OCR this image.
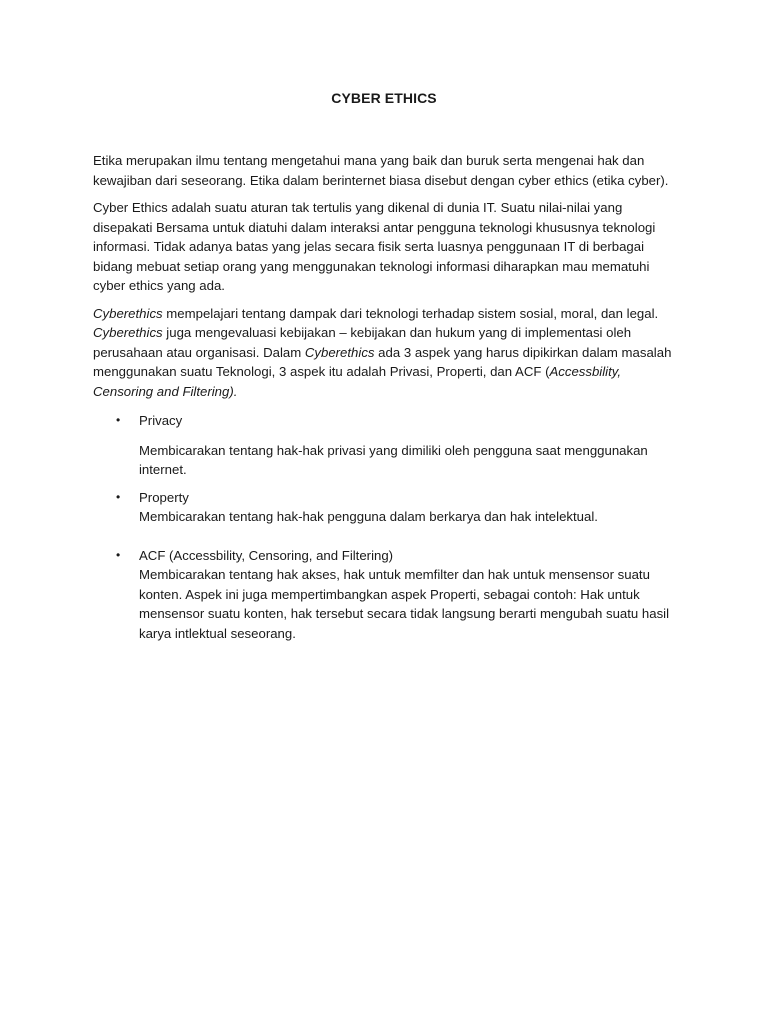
CYBER ETHICS

Etika merupakan ilmu tentang mengetahui mana yang baik dan buruk serta mengenai hak dan kewajiban dari seseorang. Etika dalam berinternet biasa disebut dengan cyber ethics (etika cyber).

Cyber Ethics adalah suatu aturan tak tertulis yang dikenal di dunia IT. Suatu nilai-nilai yang disepakati Bersama untuk diatuhi dalam interaksi antar pengguna teknologi khususnya teknologi informasi. Tidak adanya batas yang jelas secara fisik serta luasnya penggunaan IT di berbagai bidang mebuat setiap orang yang menggunakan teknologi informasi diharapkan mau mematuhi cyber ethics yang ada.

Cyberethics mempelajari tentang dampak dari teknologi terhadap sistem sosial, moral, dan legal. Cyberethics juga mengevaluasi kebijakan – kebijakan dan hukum yang di implementasi oleh perusahaan atau organisasi. Dalam Cyberethics ada 3 aspek yang harus dipikirkan dalam masalah menggunakan suatu Teknologi, 3 aspek itu adalah Privasi, Properti, dan ACF (Accessbility, Censoring and Filtering).

• Privacy

Membicarakan tentang hak-hak privasi yang dimiliki oleh pengguna saat menggunakan internet.

• Property

Membicarakan tentang hak-hak pengguna dalam berkarya dan hak intelektual.

• ACF (Accessbility, Censoring, and Filtering)

Membicarakan tentang hak akses, hak untuk memfilter dan hak untuk mensensor suatu konten. Aspek ini juga mempertimbangkan aspek Properti, sebagai contoh: Hak untuk mensensor suatu konten, hak tersebut secara tidak langsung berarti mengubah suatu hasil karya intlektual seseorang.
